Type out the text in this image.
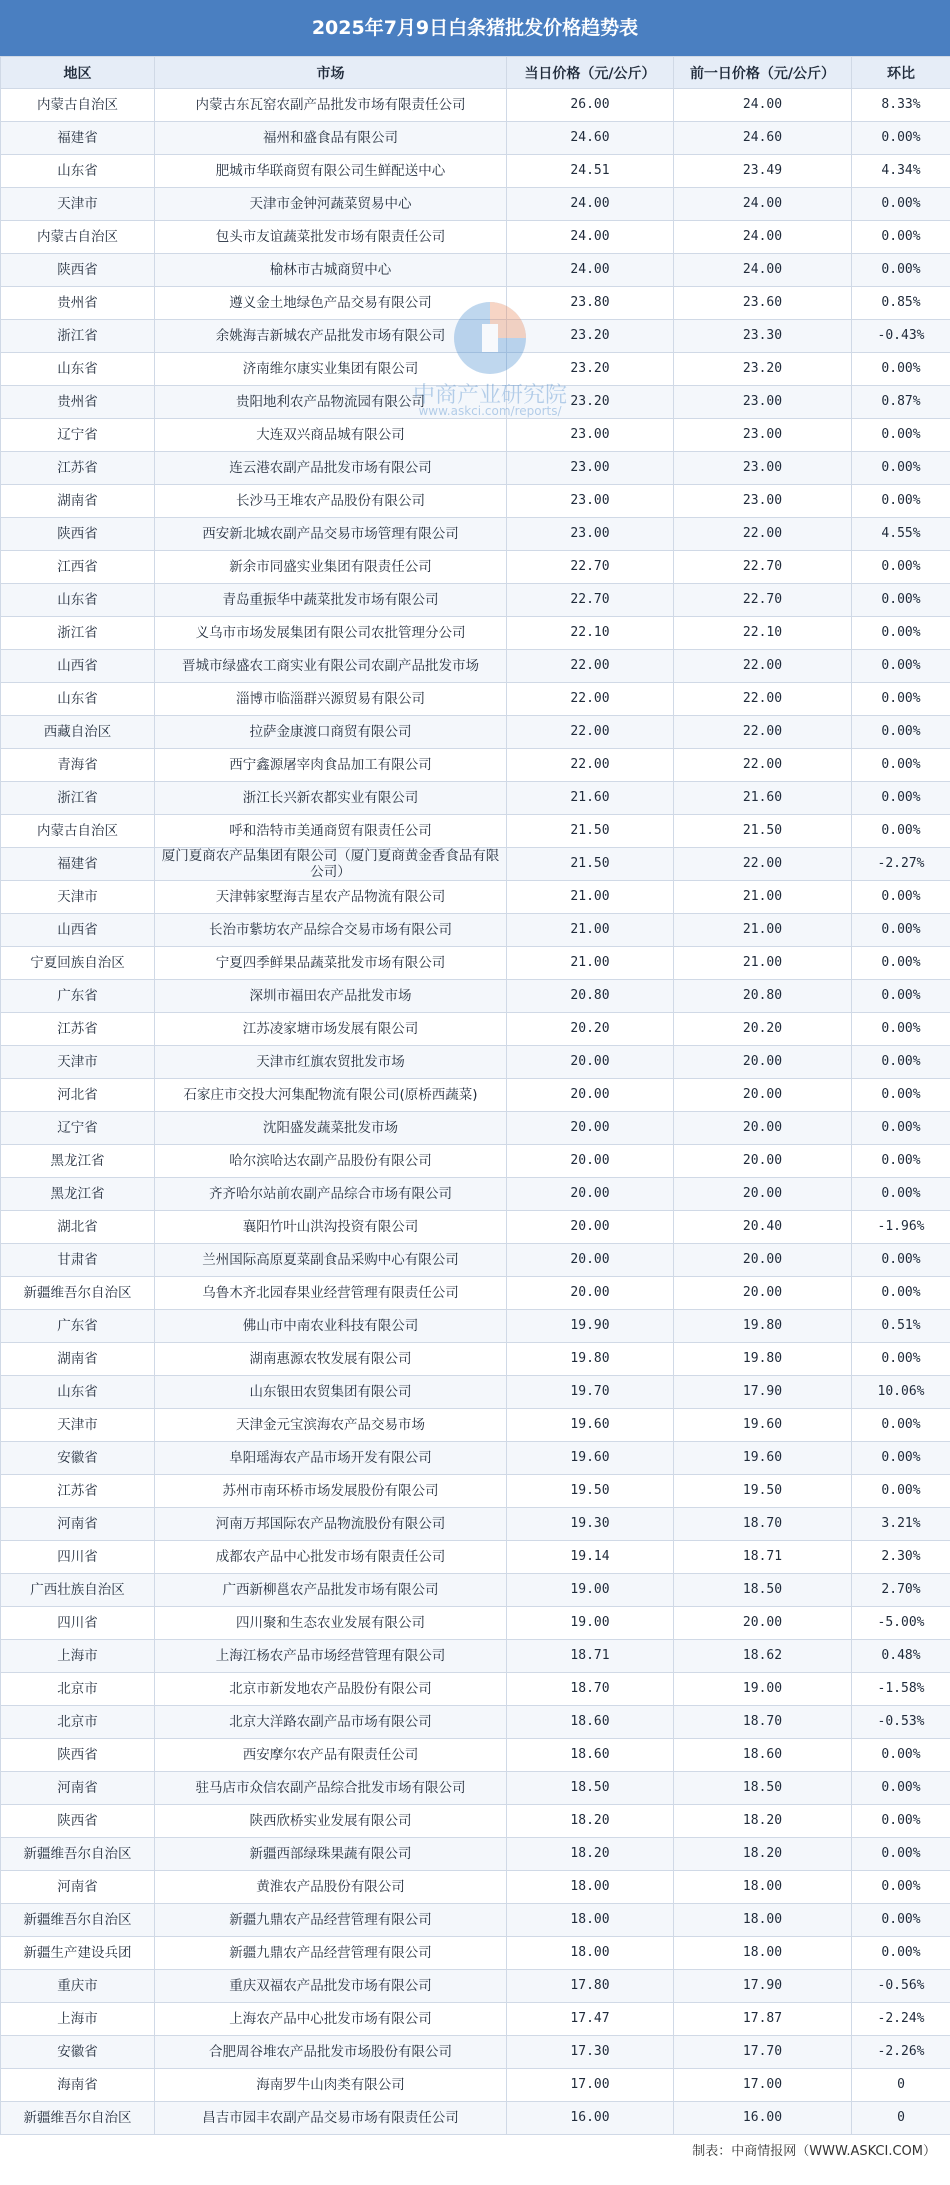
2025年7月9日白条猪批发价格趋势表
地区	市场	当日价格（元/公斤）	前一日价格（元/公斤）	环比
内蒙古自治区	内蒙古东瓦窑农副产品批发市场有限责任公司	26.00	24.00	8.33%
福建省	福州和盛食品有限公司	24.60	24.60	0.00%
山东省	肥城市华联商贸有限公司生鲜配送中心	24.51	23.49	4.34%
天津市	天津市金钟河蔬菜贸易中心	24.00	24.00	0.00%
内蒙古自治区	包头市友谊蔬菜批发市场有限责任公司	24.00	24.00	0.00%
陕西省	榆林市古城商贸中心	24.00	24.00	0.00%
贵州省	遵义金土地绿色产品交易有限公司	23.80	23.60	0.85%
浙江省	余姚海吉新城农产品批发市场有限公司	23.20	23.30	-0.43%
山东省	济南维尔康实业集团有限公司	23.20	23.20	0.00%
贵州省	贵阳地利农产品物流园有限公司	23.20	23.00	0.87%
辽宁省	大连双兴商品城有限公司	23.00	23.00	0.00%
江苏省	连云港农副产品批发市场有限公司	23.00	23.00	0.00%
湖南省	长沙马王堆农产品股份有限公司	23.00	23.00	0.00%
陕西省	西安新北城农副产品交易市场管理有限公司	23.00	22.00	4.55%
江西省	新余市同盛实业集团有限责任公司	22.70	22.70	0.00%
山东省	青岛重振华中蔬菜批发市场有限公司	22.70	22.70	0.00%
浙江省	义乌市市场发展集团有限公司农批管理分公司	22.10	22.10	0.00%
山西省	晋城市绿盛农工商实业有限公司农副产品批发市场	22.00	22.00	0.00%
山东省	淄博市临淄群兴源贸易有限公司	22.00	22.00	0.00%
西藏自治区	拉萨金康渡口商贸有限公司	22.00	22.00	0.00%
青海省	西宁鑫源屠宰肉食品加工有限公司	22.00	22.00	0.00%
浙江省	浙江长兴新农都实业有限公司	21.60	21.60	0.00%
内蒙古自治区	呼和浩特市美通商贸有限责任公司	21.50	21.50	0.00%
福建省	厦门夏商农产品集团有限公司（厦门夏商黄金香食品有限公司）	21.50	22.00	-2.27%
天津市	天津韩家墅海吉星农产品物流有限公司	21.00	21.00	0.00%
山西省	长治市紫坊农产品综合交易市场有限公司	21.00	21.00	0.00%
宁夏回族自治区	宁夏四季鲜果品蔬菜批发市场有限公司	21.00	21.00	0.00%
广东省	深圳市福田农产品批发市场	20.80	20.80	0.00%
江苏省	江苏凌家塘市场发展有限公司	20.20	20.20	0.00%
天津市	天津市红旗农贸批发市场	20.00	20.00	0.00%
河北省	石家庄市交投大河集配物流有限公司(原桥西蔬菜)	20.00	20.00	0.00%
辽宁省	沈阳盛发蔬菜批发市场	20.00	20.00	0.00%
黑龙江省	哈尔滨哈达农副产品股份有限公司	20.00	20.00	0.00%
黑龙江省	齐齐哈尔站前农副产品综合市场有限公司	20.00	20.00	0.00%
湖北省	襄阳竹叶山洪沟投资有限公司	20.00	20.40	-1.96%
甘肃省	兰州国际高原夏菜副食品采购中心有限公司	20.00	20.00	0.00%
新疆维吾尔自治区	乌鲁木齐北园春果业经营管理有限责任公司	20.00	20.00	0.00%
广东省	佛山市中南农业科技有限公司	19.90	19.80	0.51%
湖南省	湖南惠源农牧发展有限公司	19.80	19.80	0.00%
山东省	山东银田农贸集团有限公司	19.70	17.90	10.06%
天津市	天津金元宝滨海农产品交易市场	19.60	19.60	0.00%
安徽省	阜阳瑶海农产品市场开发有限公司	19.60	19.60	0.00%
江苏省	苏州市南环桥市场发展股份有限公司	19.50	19.50	0.00%
河南省	河南万邦国际农产品物流股份有限公司	19.30	18.70	3.21%
四川省	成都农产品中心批发市场有限责任公司	19.14	18.71	2.30%
广西壮族自治区	广西新柳邕农产品批发市场有限公司	19.00	18.50	2.70%
四川省	四川聚和生态农业发展有限公司	19.00	20.00	-5.00%
上海市	上海江杨农产品市场经营管理有限公司	18.71	18.62	0.48%
北京市	北京市新发地农产品股份有限公司	18.70	19.00	-1.58%
北京市	北京大洋路农副产品市场有限公司	18.60	18.70	-0.53%
陕西省	西安摩尔农产品有限责任公司	18.60	18.60	0.00%
河南省	驻马店市众信农副产品综合批发市场有限公司	18.50	18.50	0.00%
陕西省	陕西欣桥实业发展有限公司	18.20	18.20	0.00%
新疆维吾尔自治区	新疆西部绿珠果蔬有限公司	18.20	18.20	0.00%
河南省	黄淮农产品股份有限公司	18.00	18.00	0.00%
新疆维吾尔自治区	新疆九鼎农产品经营管理有限公司	18.00	18.00	0.00%
新疆生产建设兵团	新疆九鼎农产品经营管理有限公司	18.00	18.00	0.00%
重庆市	重庆双福农产品批发市场有限公司	17.80	17.90	-0.56%
上海市	上海农产品中心批发市场有限公司	17.47	17.87	-2.24%
安徽省	合肥周谷堆农产品批发市场股份有限公司	17.30	17.70	-2.26%
海南省	海南罗牛山肉类有限公司	17.00	17.00	0
新疆维吾尔自治区	昌吉市园丰农副产品交易市场有限责任公司	16.00	16.00	0
制表：中商情报网（WWW.ASKCI.COM）
中商产业研究院
www.askci.com/reports/
